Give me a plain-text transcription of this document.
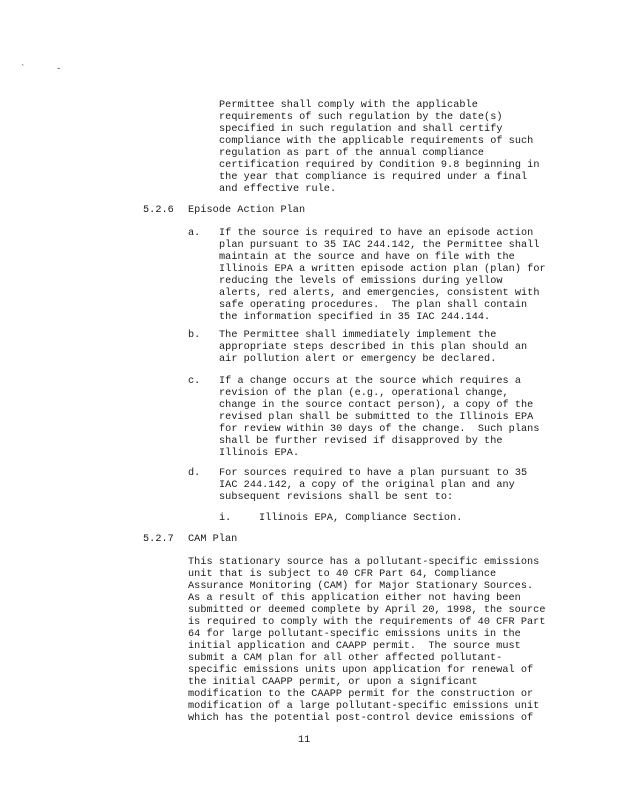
`	-
Permittee shall comply with the applicable
requirements of such regulation by the date(s)
specified in such regulation and shall certify
compliance with the applicable requirements of such
regulation as part of the annual compliance
certification required by Condition 9.8 beginning in
the year that compliance is required under a final
and effective rule.
5.2.6 Episode Action Plan
a. If the source is required to have an episode action
plan pursuant to 35 IAC 244.142, the Permittee shall
maintain at the source and have on file with the
Illinois EPA a written episode action plan (plan) for
reducing the levels of emissions during yellow
alerts, red alerts, and emergencies, consistent with
safe operating procedures.  The plan shall contain
the information specified in 35 IAC 244.144.
b. The Permittee shall immediately implement the
appropriate steps described in this plan should an
air pollution alert or emergency be declared.
c. If a change occurs at the source which requires a
revision of the plan (e.g., operational change,
change in the source contact person), a copy of the
revised plan shall be submitted to the Illinois EPA
for review within 30 days of the change.  Such plans
shall be further revised if disapproved by the
Illinois EPA.
d. For sources required to have a plan pursuant to 35
IAC 244.142, a copy of the original plan and any
subsequent revisions shall be sent to:
i.	Illinois EPA, Compliance Section.
5.2.7 CAM Plan
This stationary source has a pollutant-specific emissions
unit that is subject to 40 CFR Part 64, Compliance
Assurance Monitoring (CAM) for Major Stationary Sources.
As a result of this application either not having been
submitted or deemed complete by April 20, 1998, the source
is required to comply with the requirements of 40 CFR Part
64 for large pollutant-specific emissions units in the
initial application and CAAPP permit.  The source must
submit a CAM plan for all other affected pollutant-
specific emissions units upon application for renewal of
the initial CAAPP permit, or upon a significant
modification to the CAAPP permit for the construction or
modification of a large pollutant-specific emissions unit
which has the potential post-control device emissions of
11
